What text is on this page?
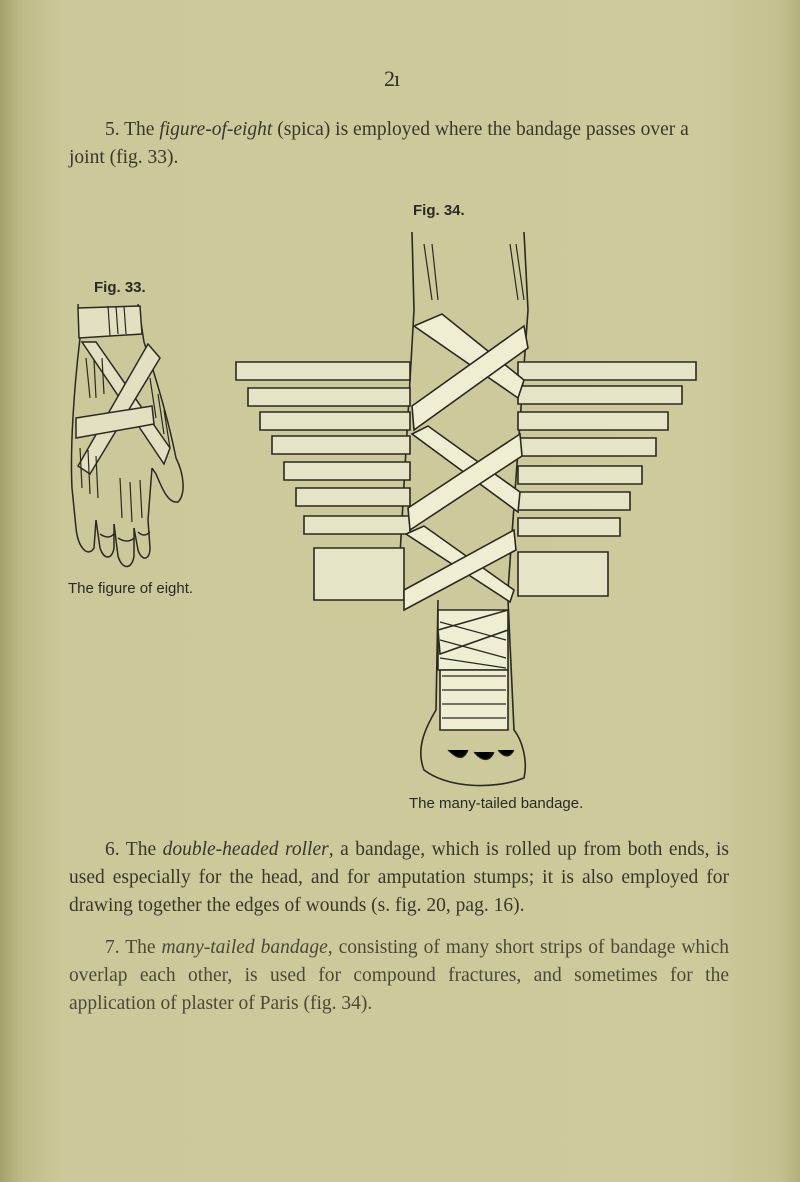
2ı

5. The figure-of-eight (spica) is employed where the bandage passes over a joint (fig. 33).

Fig. 34.
Fig. 33.
The figure of eight.
The many-tailed bandage.

6. The double-headed roller, a bandage, which is rolled up from both ends, is used especially for the head, and for amputation stumps; it is also employed for drawing together the edges of wounds (s. fig. 20, pag. 16).

7. The many-tailed bandage, consisting of many short strips of bandage which overlap each other, is used for compound fractures, and sometimes for the application of plaster of Paris (fig. 34).
